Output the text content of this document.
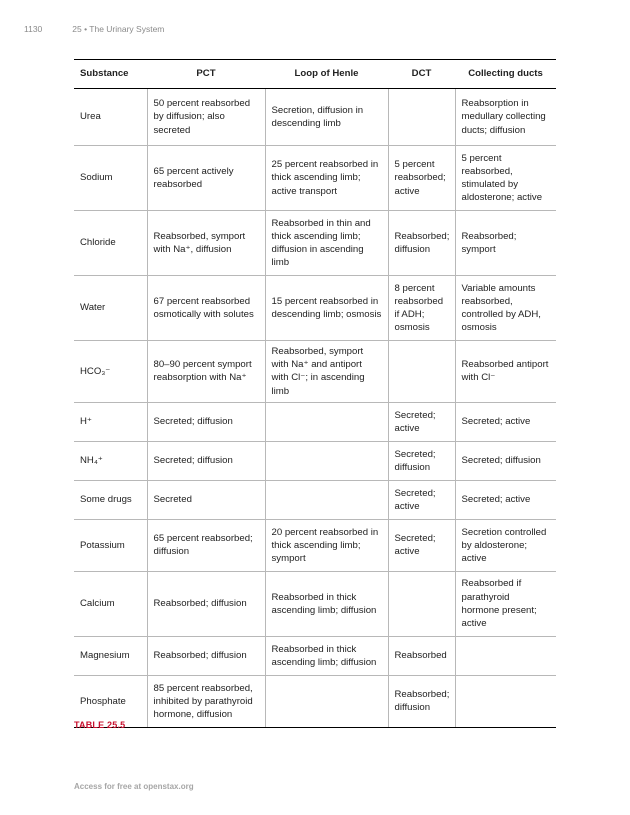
1130	25 • The Urinary System
Substance	PCT	Loop of Henle	DCT	Collecting ducts
Urea	50 percent reabsorbed by diffusion; also secreted	Secretion, diffusion in descending limb		Reabsorption in medullary collecting ducts; diffusion
Sodium	65 percent actively reabsorbed	25 percent reabsorbed in thick ascending limb; active transport	5 percent reabsorbed; active	5 percent reabsorbed, stimulated by aldosterone; active
Chloride	Reabsorbed, symport with Na⁺, diffusion	Reabsorbed in thin and thick ascending limb; diffusion in ascending limb	Reabsorbed; diffusion	Reabsorbed; symport
Water	67 percent reabsorbed osmotically with solutes	15 percent reabsorbed in descending limb; osmosis	8 percent reabsorbed if ADH; osmosis	Variable amounts reabsorbed, controlled by ADH, osmosis
HCO₃⁻	80–90 percent symport reabsorption with Na⁺	Reabsorbed, symport with Na⁺ and antiport with Cl⁻; in ascending limb		Reabsorbed antiport with Cl⁻
H⁺	Secreted; diffusion		Secreted; active	Secreted; active
NH₄⁺	Secreted; diffusion		Secreted; diffusion	Secreted; diffusion
Some drugs	Secreted		Secreted; active	Secreted; active
Potassium	65 percent reabsorbed; diffusion	20 percent reabsorbed in thick ascending limb; symport	Secreted; active	Secretion controlled by aldosterone; active
Calcium	Reabsorbed; diffusion	Reabsorbed in thick ascending limb; diffusion		Reabsorbed if parathyroid hormone present; active
Magnesium	Reabsorbed; diffusion	Reabsorbed in thick ascending limb; diffusion	Reabsorbed	
Phosphate	85 percent reabsorbed, inhibited by parathyroid hormone, diffusion		Reabsorbed; diffusion	
TABLE 25.5
Access for free at openstax.org
